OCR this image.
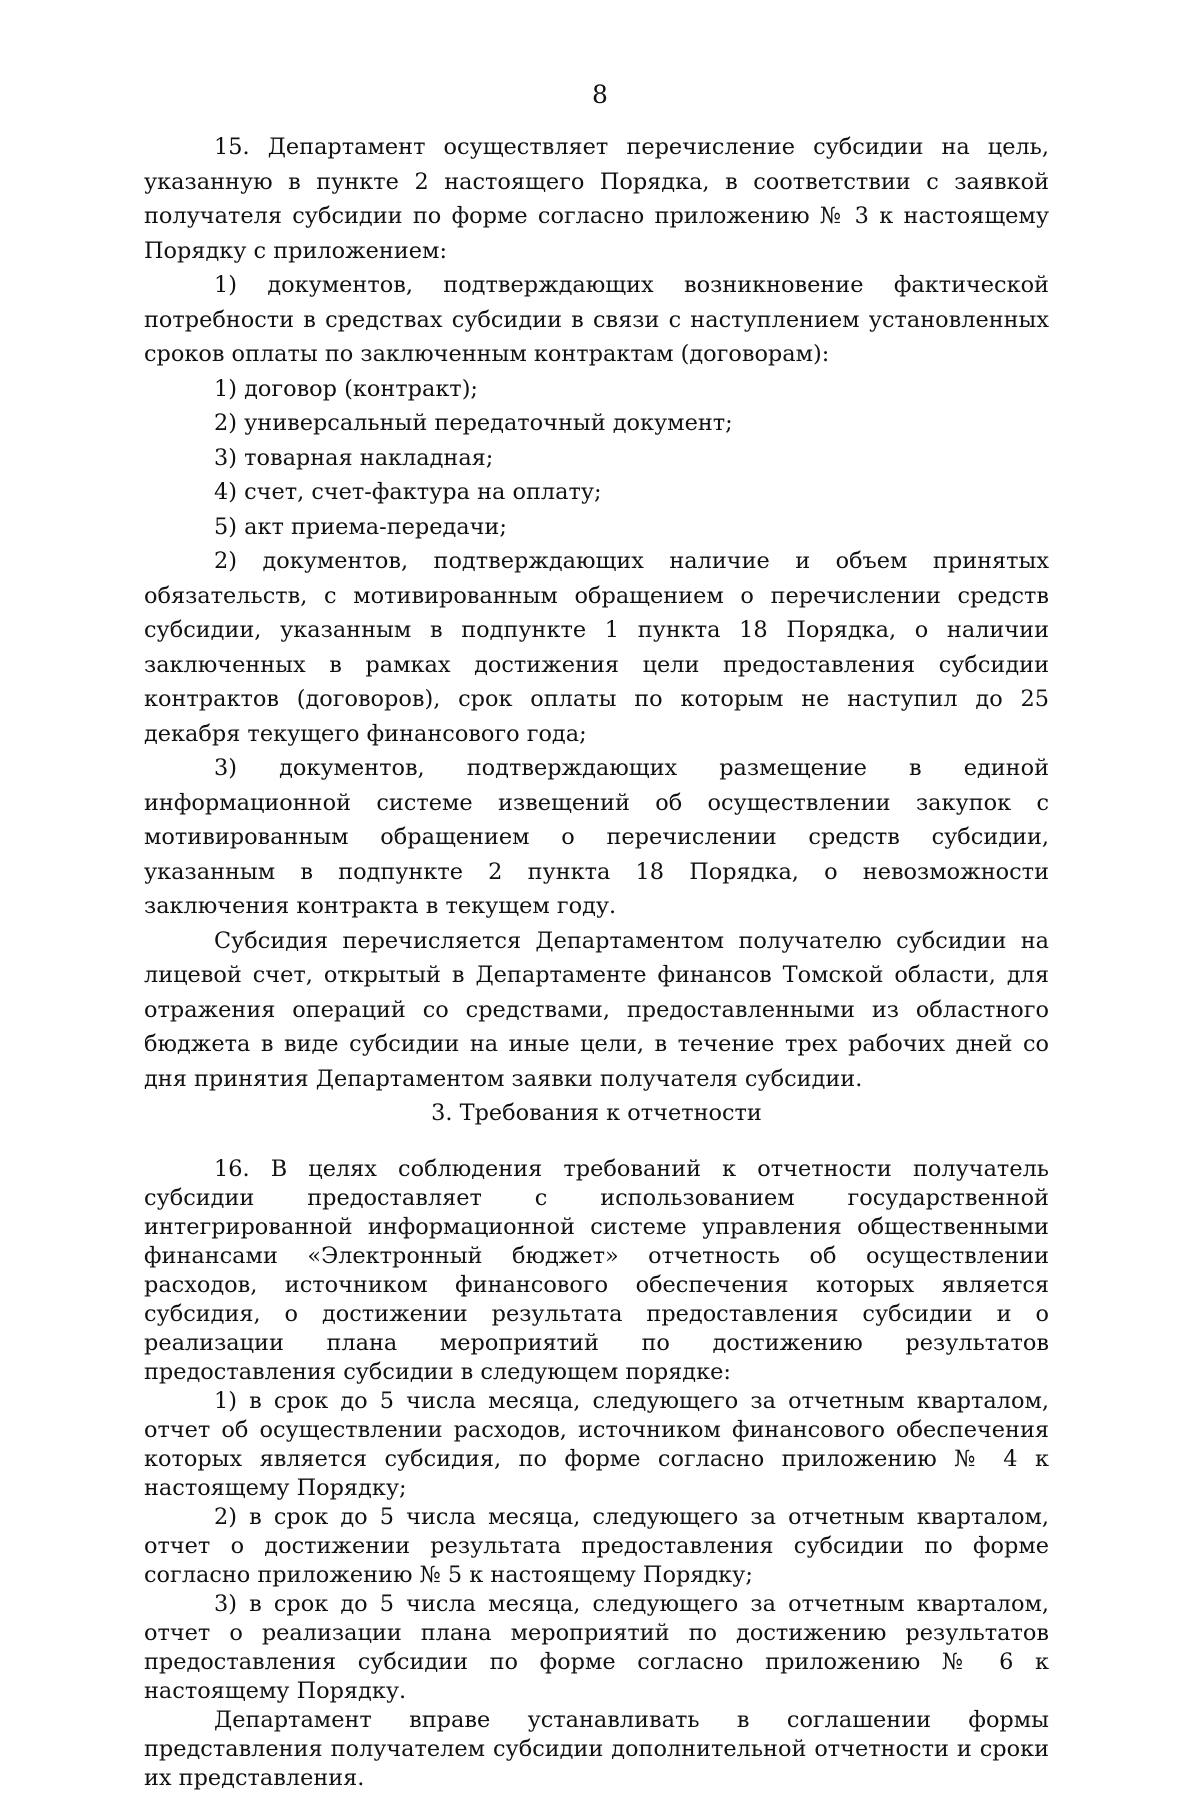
8

15. Департамент осуществляет перечисление субсидии на цель, указанную в пункте 2 настоящего Порядка, в соответствии с заявкой получателя субсидии по форме согласно приложению № 3 к настоящему Порядку с приложением:

1) документов, подтверждающих возникновение фактической потребности в средствах субсидии в связи с наступлением установленных сроков оплаты по заключенным контрактам (договорам):

1) договор (контракт);

2) универсальный передаточный документ;

3) товарная накладная;

4) счет, счет-фактура на оплату;

5) акт приема-передачи;

2) документов, подтверждающих наличие и объем принятых обязательств, с мотивированным обращением о перечислении средств субсидии, указанным в подпункте 1 пункта 18 Порядка, о наличии заключенных в рамках достижения цели предоставления субсидии контрактов (договоров), срок оплаты по которым не наступил до 25 декабря текущего финансового года;

3) документов, подтверждающих размещение в единой информационной системе извещений об осуществлении закупок с мотивированным обращением о перечислении средств субсидии, указанным в подпункте 2 пункта 18 Порядка, о невозможности заключения контракта в текущем году.

Субсидия перечисляется Департаментом получателю субсидии на лицевой счет, открытый в Департаменте финансов Томской области, для отражения операций со средствами, предоставленными из областного бюджета в виде субсидии на иные цели, в течение трех рабочих дней со дня принятия Департаментом заявки получателя субсидии.

3. Требования к отчетности

16. В целях соблюдения требований к отчетности получатель субсидии предоставляет с использованием государственной интегрированной информационной системе управления общественными финансами «Электронный бюджет» отчетность об осуществлении расходов, источником финансового обеспечения которых является субсидия, о достижении результата предоставления субсидии и о реализации плана мероприятий по достижению результатов предоставления субсидии в следующем порядке:

1) в срок до 5 числа месяца, следующего за отчетным кварталом, отчет об осуществлении расходов, источником финансового обеспечения которых является субсидия, по форме согласно приложению № 4 к настоящему Порядку;

2) в срок до 5 числа месяца, следующего за отчетным кварталом, отчет о достижении результата предоставления субсидии по форме согласно приложению № 5 к настоящему Порядку;

3) в срок до 5 числа месяца, следующего за отчетным кварталом, отчет о реализации плана мероприятий по достижению результатов предоставления субсидии по форме согласно приложению № 6 к настоящему Порядку.

Департамент вправе устанавливать в соглашении формы представления получателем субсидии дополнительной отчетности и сроки их представления.
